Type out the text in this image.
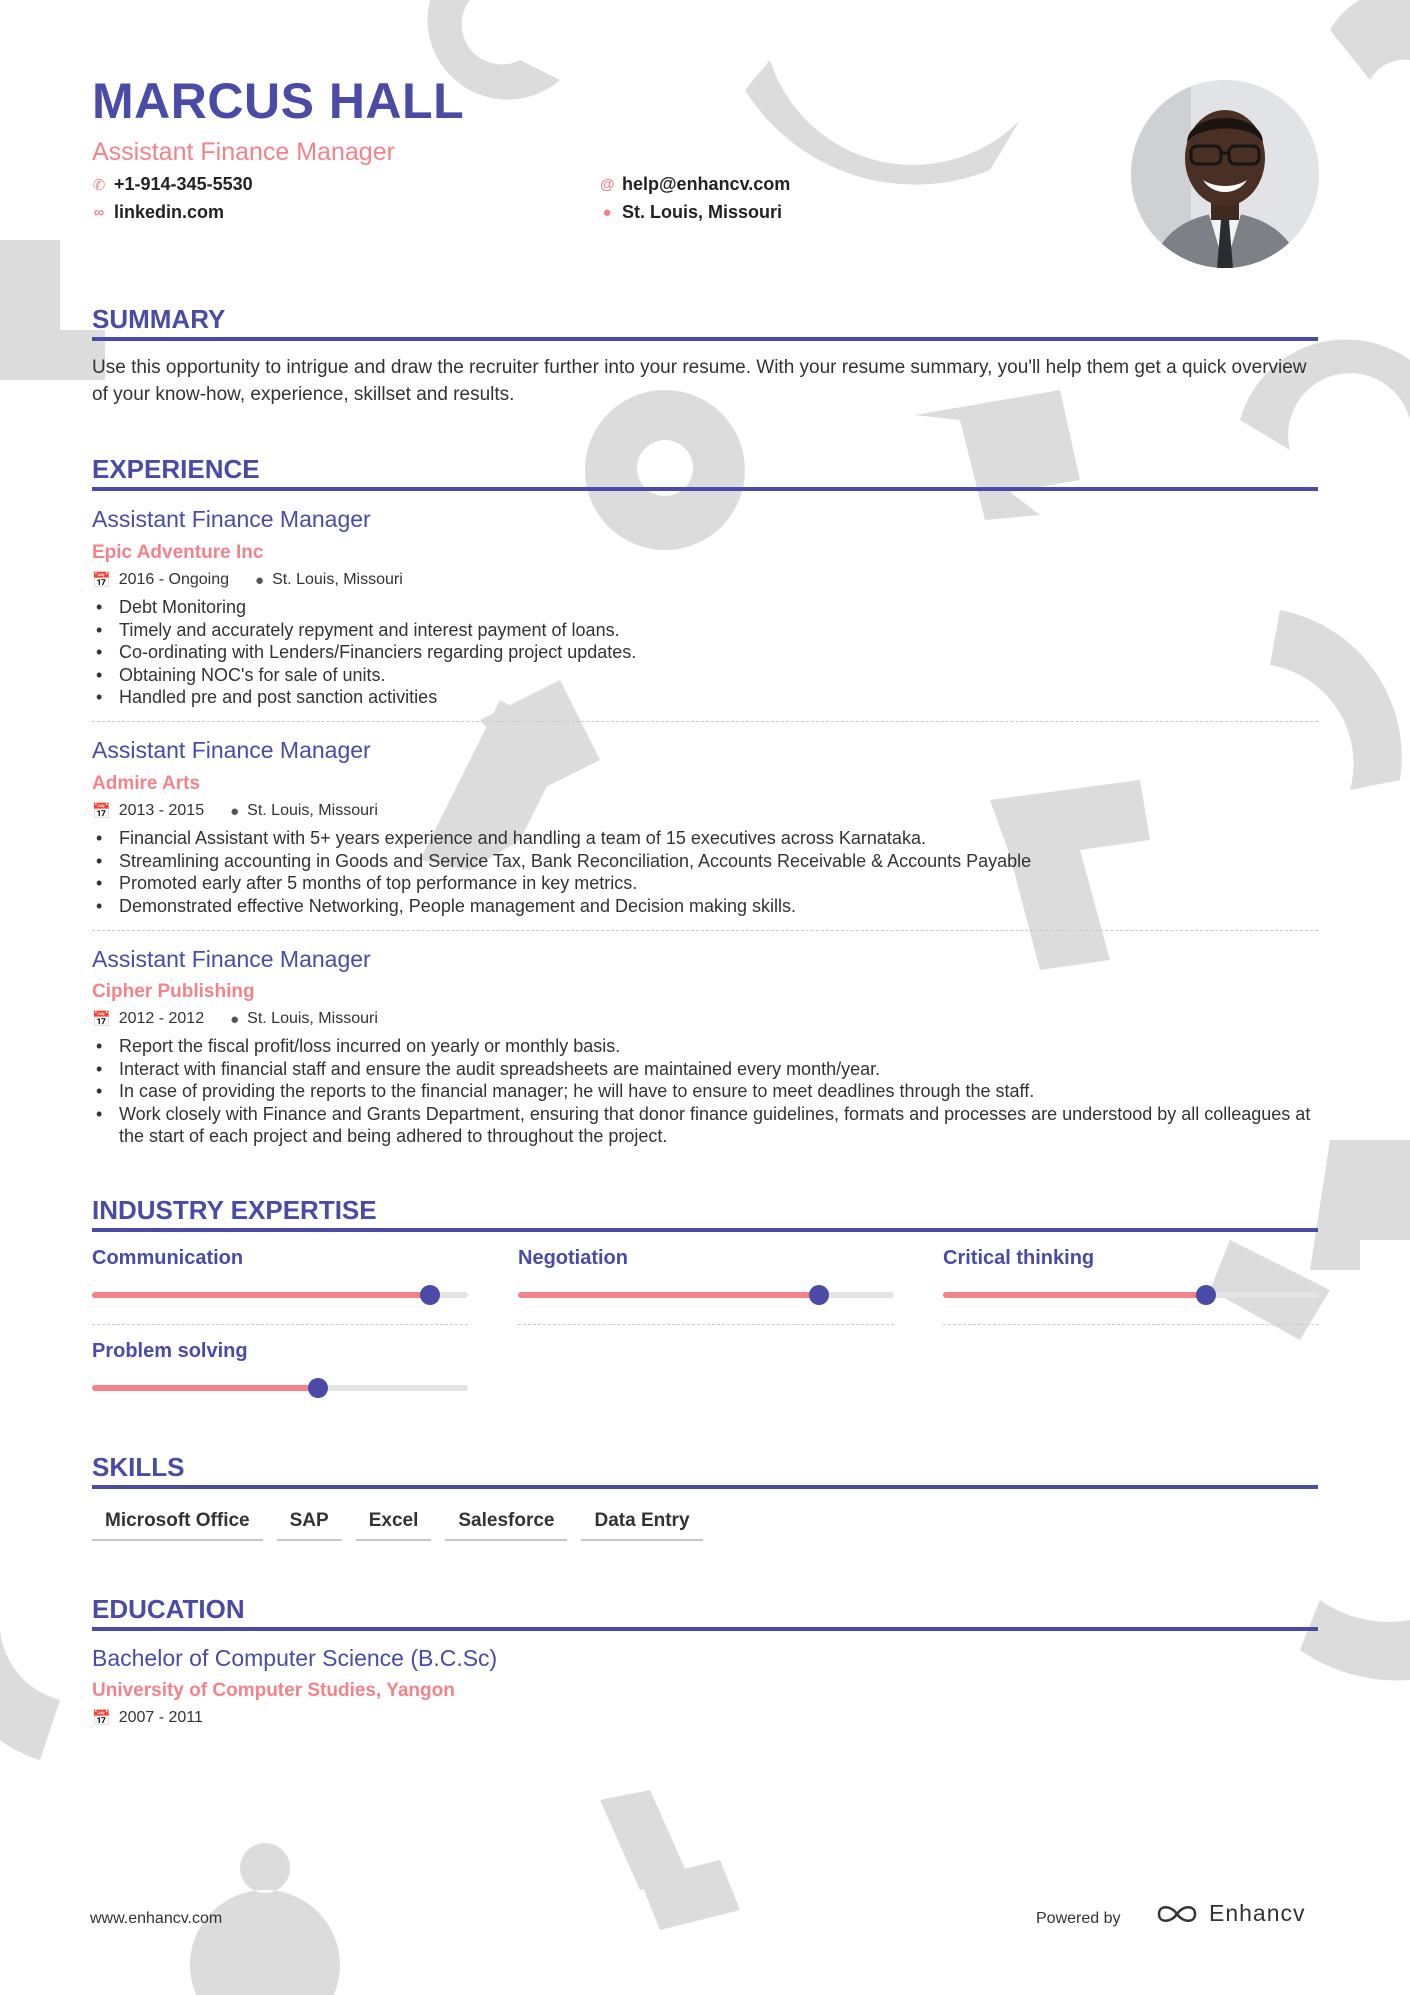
MARCUS HALL
Assistant Finance Manager
✆ +1-914-345-5530
∞ linkedin.com
@ help@enhancv.com
● St. Louis, Missouri
SUMMARY
Use this opportunity to intrigue and draw the recruiter further into your resume. With your resume summary, you'll help them get a quick overview of your know-how, experience, skillset and results.
EXPERIENCE
Assistant Finance Manager
Epic Adventure Inc
📅 2016 - Ongoing ● St. Louis, Missouri
• Debt Monitoring
• Timely and accurately repyment and interest payment of loans.
• Co-ordinating with Lenders/Financiers regarding project updates.
• Obtaining NOC's for sale of units.
• Handled pre and post sanction activities
Assistant Finance Manager
Admire Arts
📅 2013 - 2015 ● St. Louis, Missouri
• Financial Assistant with 5+ years experience and handling a team of 15 executives across Karnataka.
• Streamlining accounting in Goods and Service Tax, Bank Reconciliation, Accounts Receivable & Accounts Payable
• Promoted early after 5 months of top performance in key metrics.
• Demonstrated effective Networking, People management and Decision making skills.
Assistant Finance Manager
Cipher Publishing
📅 2012 - 2012 ● St. Louis, Missouri
• Report the fiscal profit/loss incurred on yearly or monthly basis.
• Interact with financial staff and ensure the audit spreadsheets are maintained every month/year.
• In case of providing the reports to the financial manager; he will have to ensure to meet deadlines through the staff.
• Work closely with Finance and Grants Department, ensuring that donor finance guidelines, formats and processes are understood by all colleagues at the start of each project and being adhered to throughout the project.
INDUSTRY EXPERTISE
Communication	Negotiation	Critical thinking
Problem solving
SKILLS
Microsoft Office	SAP	Excel	Salesforce	Data Entry
EDUCATION
Bachelor of Computer Science (B.C.Sc)
University of Computer Studies, Yangon
📅 2007 - 2011
www.enhancv.com	Powered by	Enhancv
